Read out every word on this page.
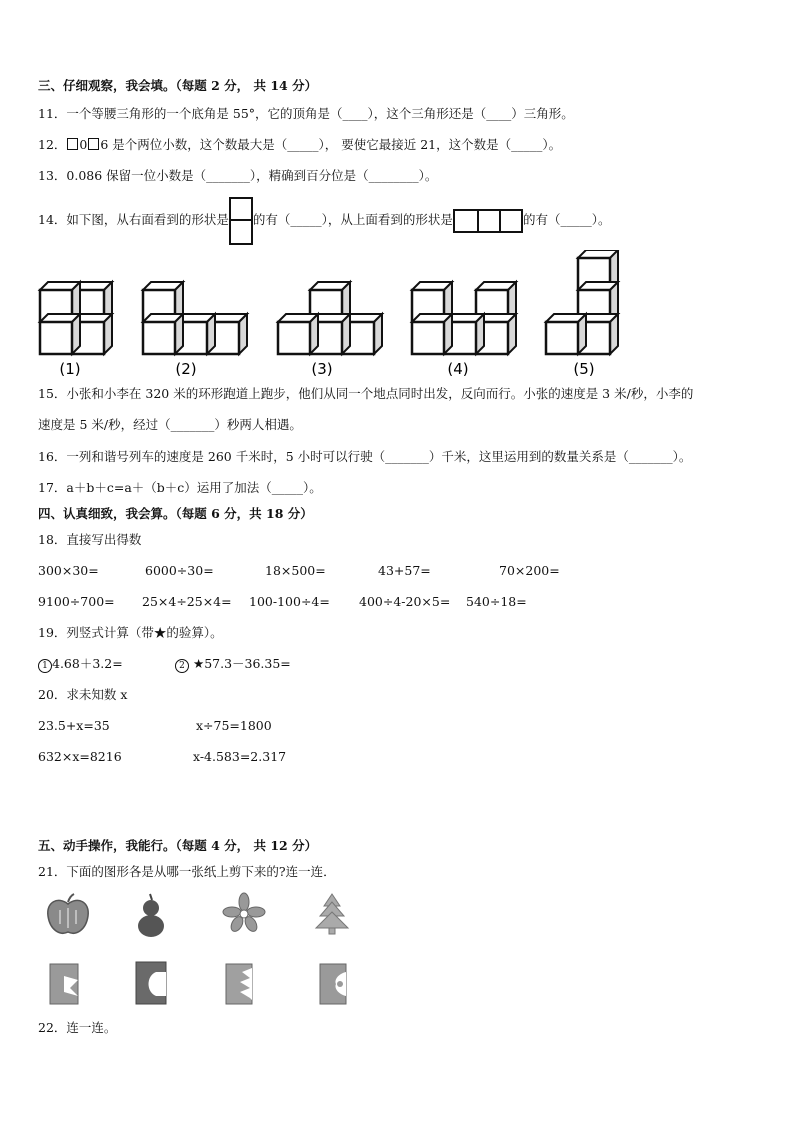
三、仔细观察，我会填。（每题 2 分， 共 14 分）
11．一个等腰三角形的一个底角是 55°，它的顶角是（____），这个三角形还是（____）三角形。
12． 0 6 是个两位小数，这个数最大是（_____）， 要使它最接近 21，这个数是（_____）。
13．0.086 保留一位小数是（_______），精确到百分位是（________）。
14．如下图，从右面看到的形状是 的有（_____），从上面看到的形状是	的有（_____）。
(1)	(2)	(3)	(4)	(5)
15．小张和小李在 320 米的环形跑道上跑步，他们从同一个地点同时出发，反向而行。小张的速度是 3 米/秒，小李的
速度是 5 米/秒，经过（_______）秒两人相遇。
16．一列和谐号列车的速度是 260 千米时，5 小时可以行驶（_______）千米，这里运用到的数量关系是（_______）。
17．a＋b＋c=a＋（b＋c）运用了加法（_____）。
四、认真细致，我会算。（每题 6 分，共 18 分）
18．直接写出得数
300×30=	6000÷30=	18×500=	43+57=	70×200=
9100÷700= 25×4÷25×4= 100-100÷4= 400÷4-20×5= 540÷18=
19．列竖式计算（带★的验算）。
1 4.68＋3.2=	2 ★57.3－36.35=
20．求未知数 x
23.5+x=35	x÷75=1800
632×x=8216	x-4.583=2.317
五、动手操作，我能行。（每题 4 分， 共 12 分）
21．下面的图形各是从哪一张纸上剪下来的?连一连．
22．连一连。
